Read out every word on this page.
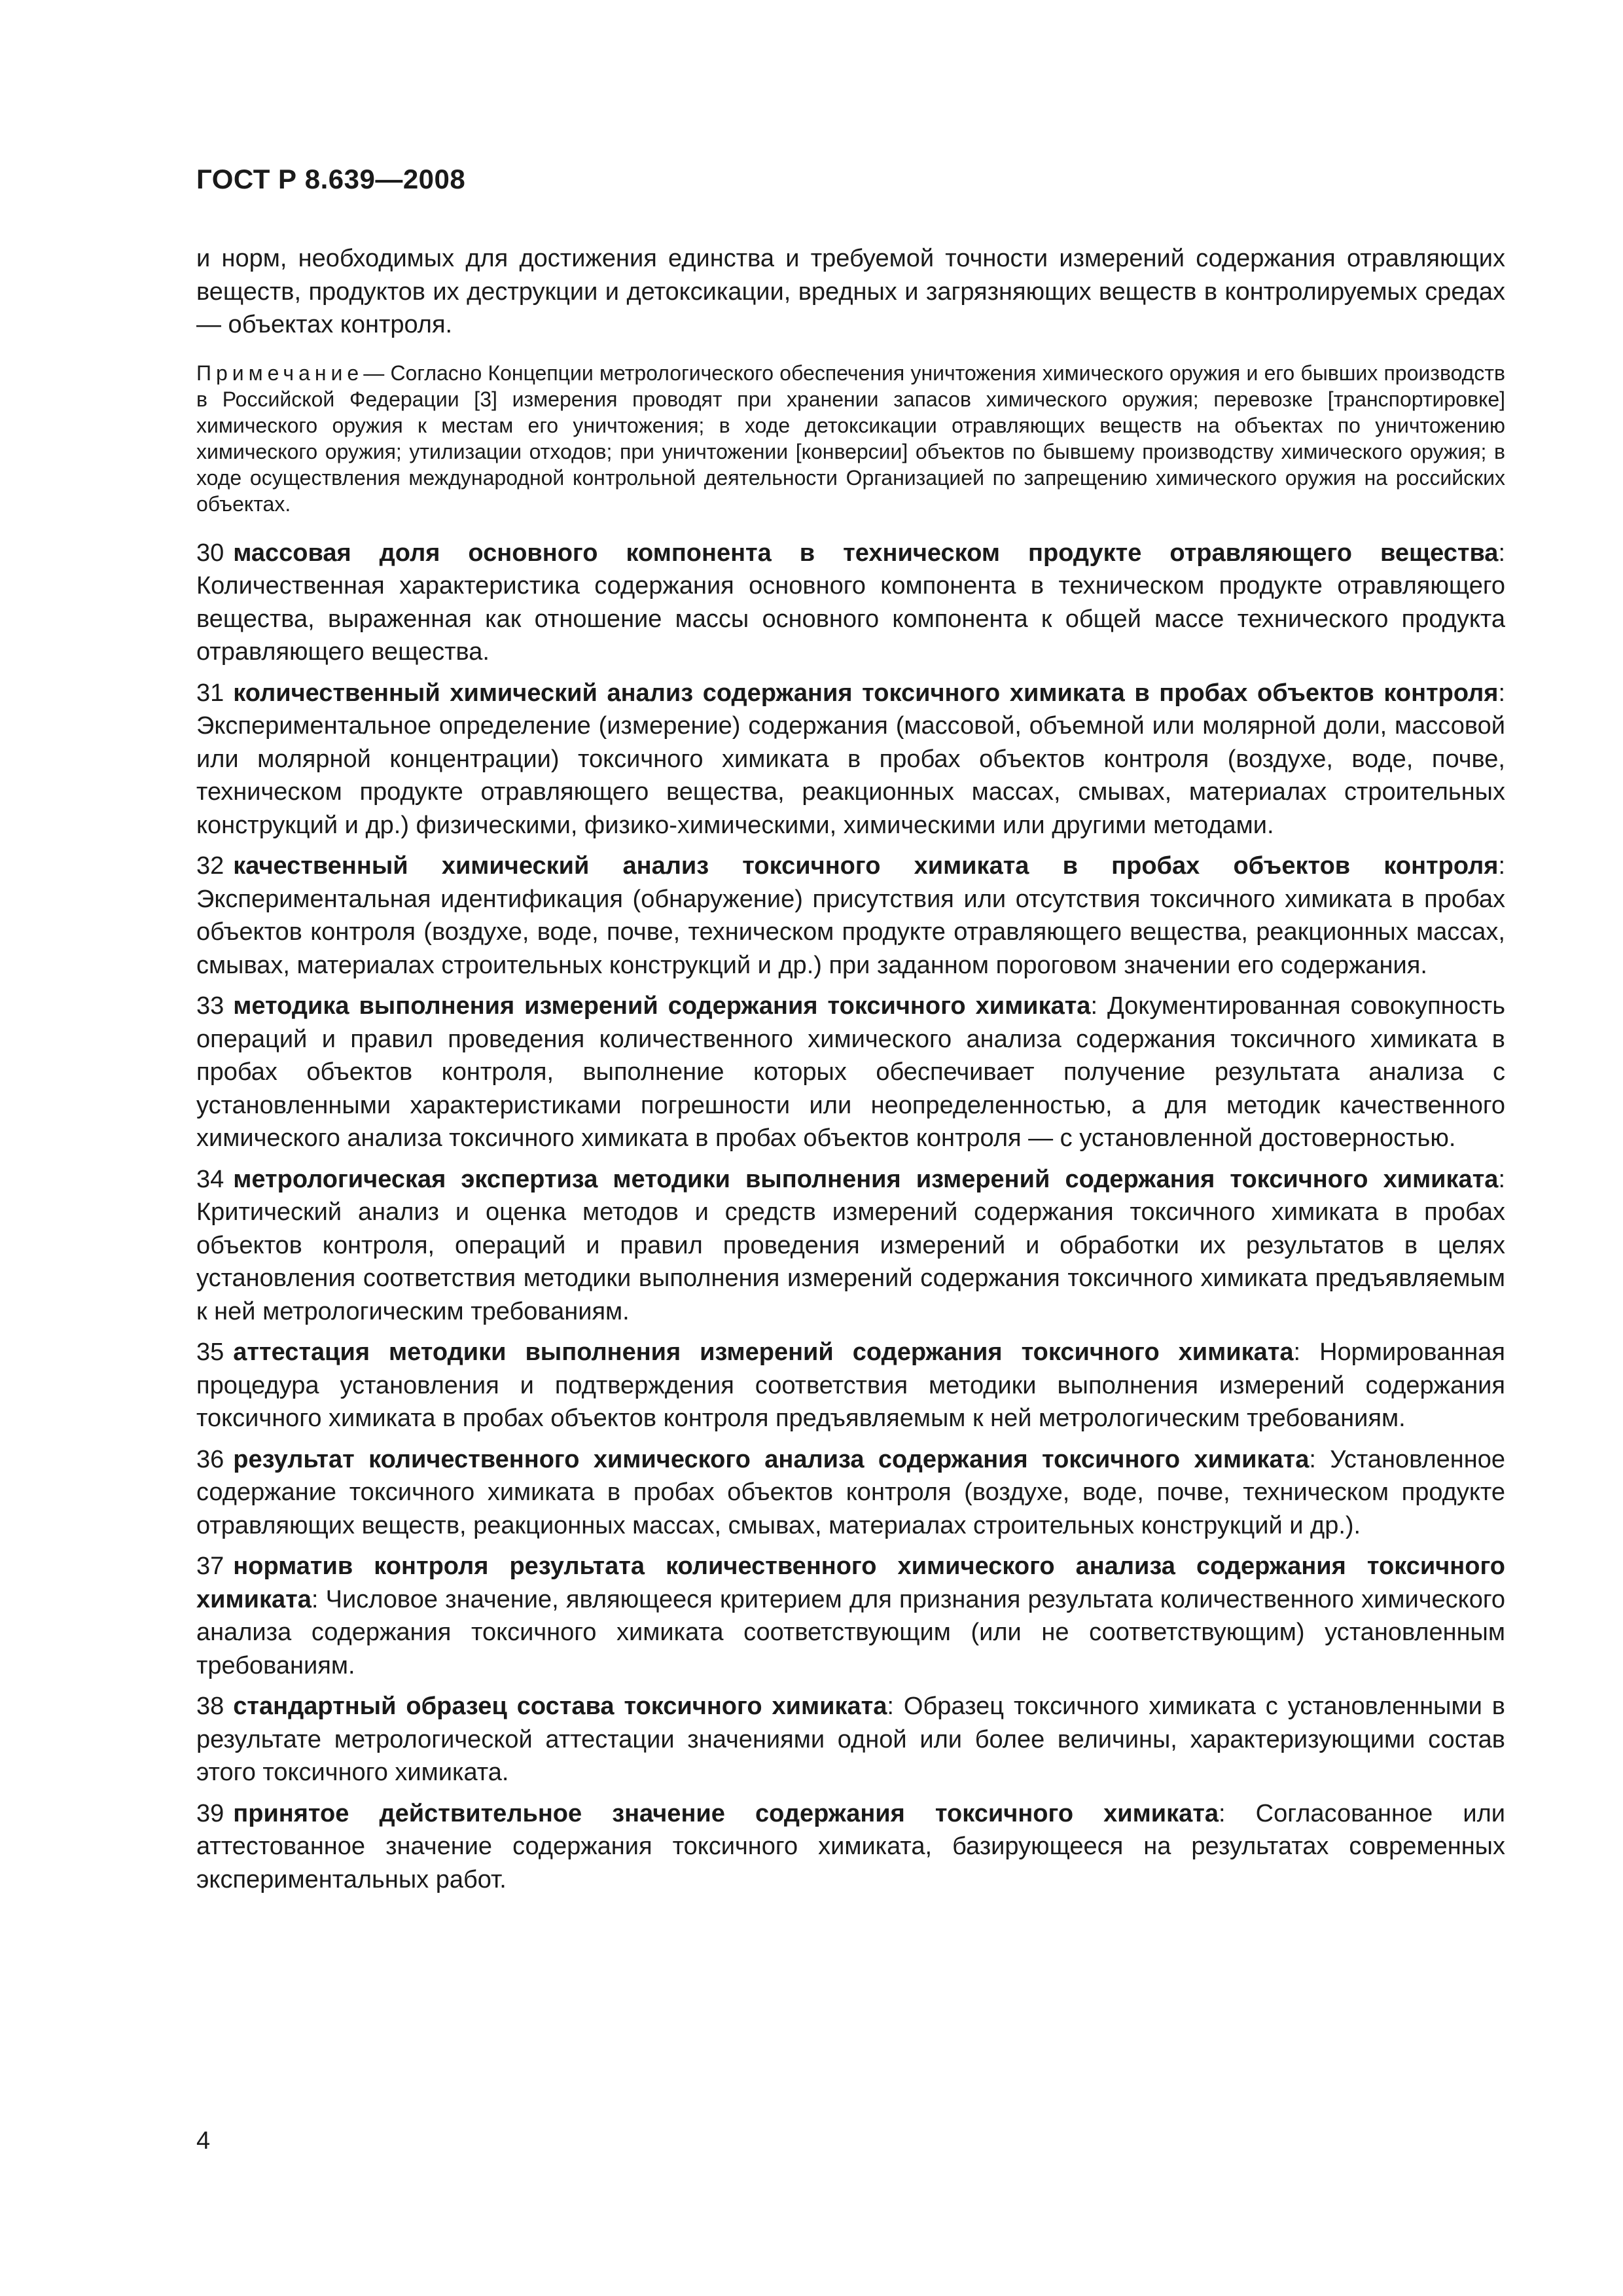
ГОСТ Р 8.639—2008

и норм, необходимых для достижения единства и требуемой точности измерений содержания отравляющих веществ, продуктов их деструкции и детоксикации, вредных и загрязняющих веществ в контролируемых средах — объектах контроля.

Примечание— Согласно Концепции метрологического обеспечения уничтожения химического оружия и его бывших производств в Российской Федерации [3] измерения проводят при хранении запасов химического оружия; перевозке [транспортировке] химического оружия к местам его уничтожения; в ходе детоксикации отравляющих веществ на объектах по уничтожению химического оружия; утилизации отходов; при уничтожении [конверсии] объектов по бывшему производству химического оружия; в ходе осуществления международной контрольной деятельности Организацией по запрещению химического оружия на российских объектах.

30 массовая доля основного компонента в техническом продукте отравляющего вещества: Количественная характеристика содержания основного компонента в техническом продукте отравляющего вещества, выраженная как отношение массы основного компонента к общей массе технического продукта отравляющего вещества.

31 количественный химический анализ содержания токсичного химиката в пробах объектов контроля: Экспериментальное определение (измерение) содержания (массовой, объемной или молярной доли, массовой или молярной концентрации) токсичного химиката в пробах объектов контроля (воздухе, воде, почве, техническом продукте отравляющего вещества, реакционных массах, смывах, материалах строительных конструкций и др.) физическими, физико-химическими, химическими или другими методами.

32 качественный химический анализ токсичного химиката в пробах объектов контроля: Экспериментальная идентификация (обнаружение) присутствия или отсутствия токсичного химиката в пробах объектов контроля (воздухе, воде, почве, техническом продукте отравляющего вещества, реакционных массах, смывах, материалах строительных конструкций и др.) при заданном пороговом значении его содержания.

33 методика выполнения измерений содержания токсичного химиката: Документированная совокупность операций и правил проведения количественного химического анализа содержания токсичного химиката в пробах объектов контроля, выполнение которых обеспечивает получение результата анализа с установленными характеристиками погрешности или неопределенностью, а для методик качественного химического анализа токсичного химиката в пробах объектов контроля — с установленной достоверностью.

34 метрологическая экспертиза методики выполнения измерений содержания токсичного химиката: Критический анализ и оценка методов и средств измерений содержания токсичного химиката в пробах объектов контроля, операций и правил проведения измерений и обработки их результатов в целях установления соответствия методики выполнения измерений содержания токсичного химиката предъявляемым к ней метрологическим требованиям.

35 аттестация методики выполнения измерений содержания токсичного химиката: Нормированная процедура установления и подтверждения соответствия методики выполнения измерений содержания токсичного химиката в пробах объектов контроля предъявляемым к ней метрологическим требованиям.

36 результат количественного химического анализа содержания токсичного химиката: Установленное содержание токсичного химиката в пробах объектов контроля (воздухе, воде, почве, техническом продукте отравляющих веществ, реакционных массах, смывах, материалах строительных конструкций и др.).

37 норматив контроля результата количественного химического анализа содержания токсичного химиката: Числовое значение, являющееся критерием для признания результата количественного химического анализа содержания токсичного химиката соответствующим (или не соответствующим) установленным требованиям.

38 стандартный образец состава токсичного химиката: Образец токсичного химиката с установленными в результате метрологической аттестации значениями одной или более величины, характеризующими состав этого токсичного химиката.

39 принятое действительное значение содержания токсичного химиката: Согласованное или аттестованное значение содержания токсичного химиката, базирующееся на результатах современных экспериментальных работ.

4
